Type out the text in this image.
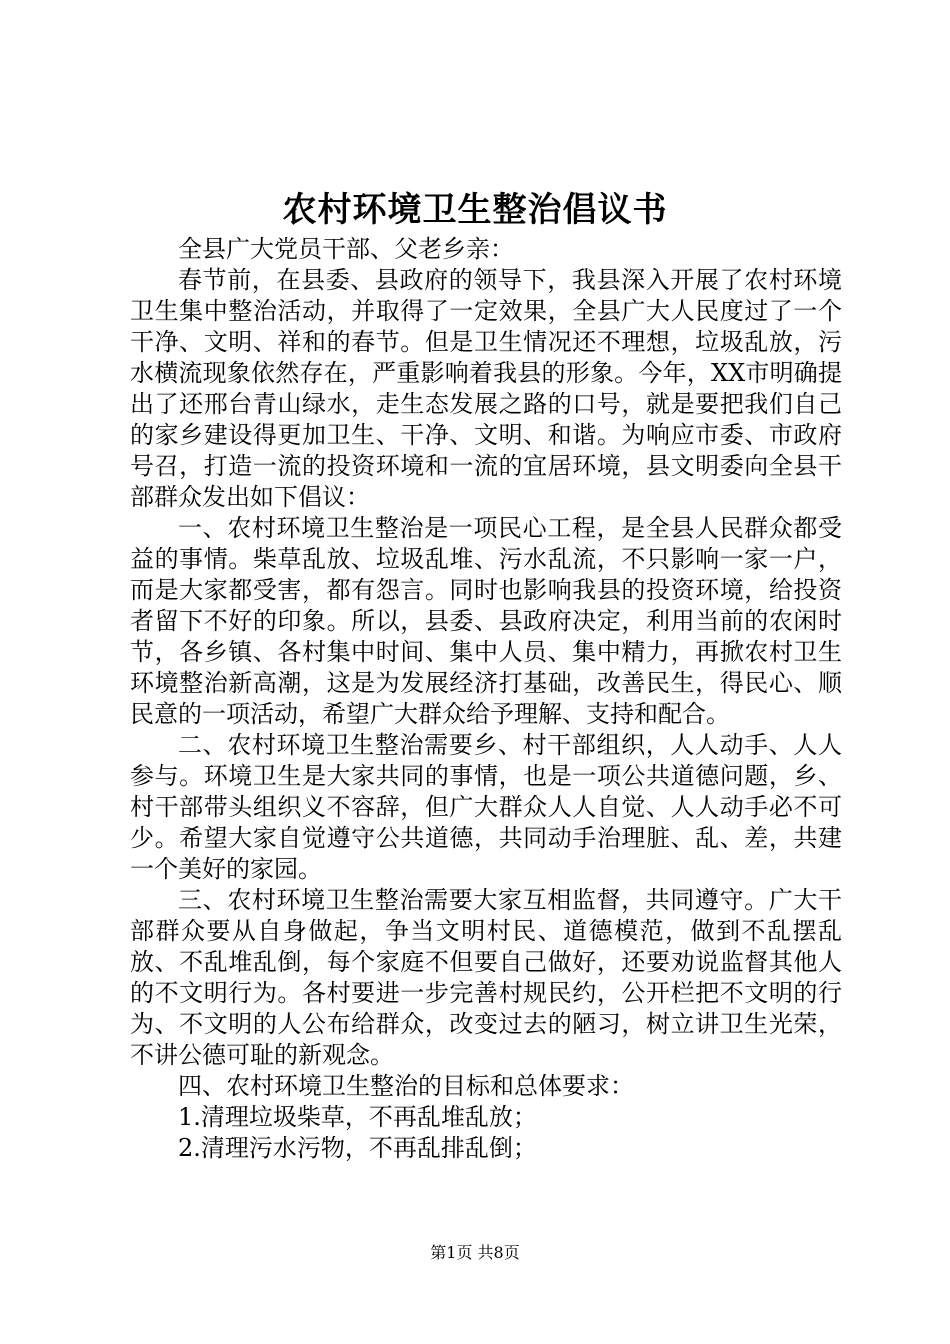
农村环境卫生整治倡议书

全县广大党员干部、父老乡亲：

春节前，在县委、县政府的领导下，我县深入开展了农村环境卫生集中整治活动，并取得了一定效果，全县广大人民度过了一个干净、文明、祥和的春节。但是卫生情况还不理想，垃圾乱放，污水横流现象依然存在，严重影响着我县的形象。今年，XX市明确提出了还邢台青山绿水，走生态发展之路的口号，就是要把我们自己的家乡建设得更加卫生、干净、文明、和谐。为响应市委、市政府号召，打造一流的投资环境和一流的宜居环境，县文明委向全县干部群众发出如下倡议：

一、农村环境卫生整治是一项民心工程，是全县人民群众都受益的事情。柴草乱放、垃圾乱堆、污水乱流，不只影响一家一户，而是大家都受害，都有怨言。同时也影响我县的投资环境，给投资者留下不好的印象。所以，县委、县政府决定，利用当前的农闲时节，各乡镇、各村集中时间、集中人员、集中精力，再掀农村卫生环境整治新高潮，这是为发展经济打基础，改善民生，得民心、顺民意的一项活动，希望广大群众给予理解、支持和配合。

二、农村环境卫生整治需要乡、村干部组织，人人动手、人人参与。环境卫生是大家共同的事情，也是一项公共道德问题，乡、村干部带头组织义不容辞，但广大群众人人自觉、人人动手必不可少。希望大家自觉遵守公共道德，共同动手治理脏、乱、差，共建一个美好的家园。

三、农村环境卫生整治需要大家互相监督，共同遵守。广大干部群众要从自身做起，争当文明村民、道德模范，做到不乱摆乱放、不乱堆乱倒，每个家庭不但要自己做好，还要劝说监督其他人的不文明行为。各村要进一步完善村规民约，公开栏把不文明的行为、不文明的人公布给群众，改变过去的陋习，树立讲卫生光荣，不讲公德可耻的新观念。

四、农村环境卫生整治的目标和总体要求：

1.清理垃圾柴草，不再乱堆乱放；

2.清理污水污物，不再乱排乱倒；

第1页 共8页
